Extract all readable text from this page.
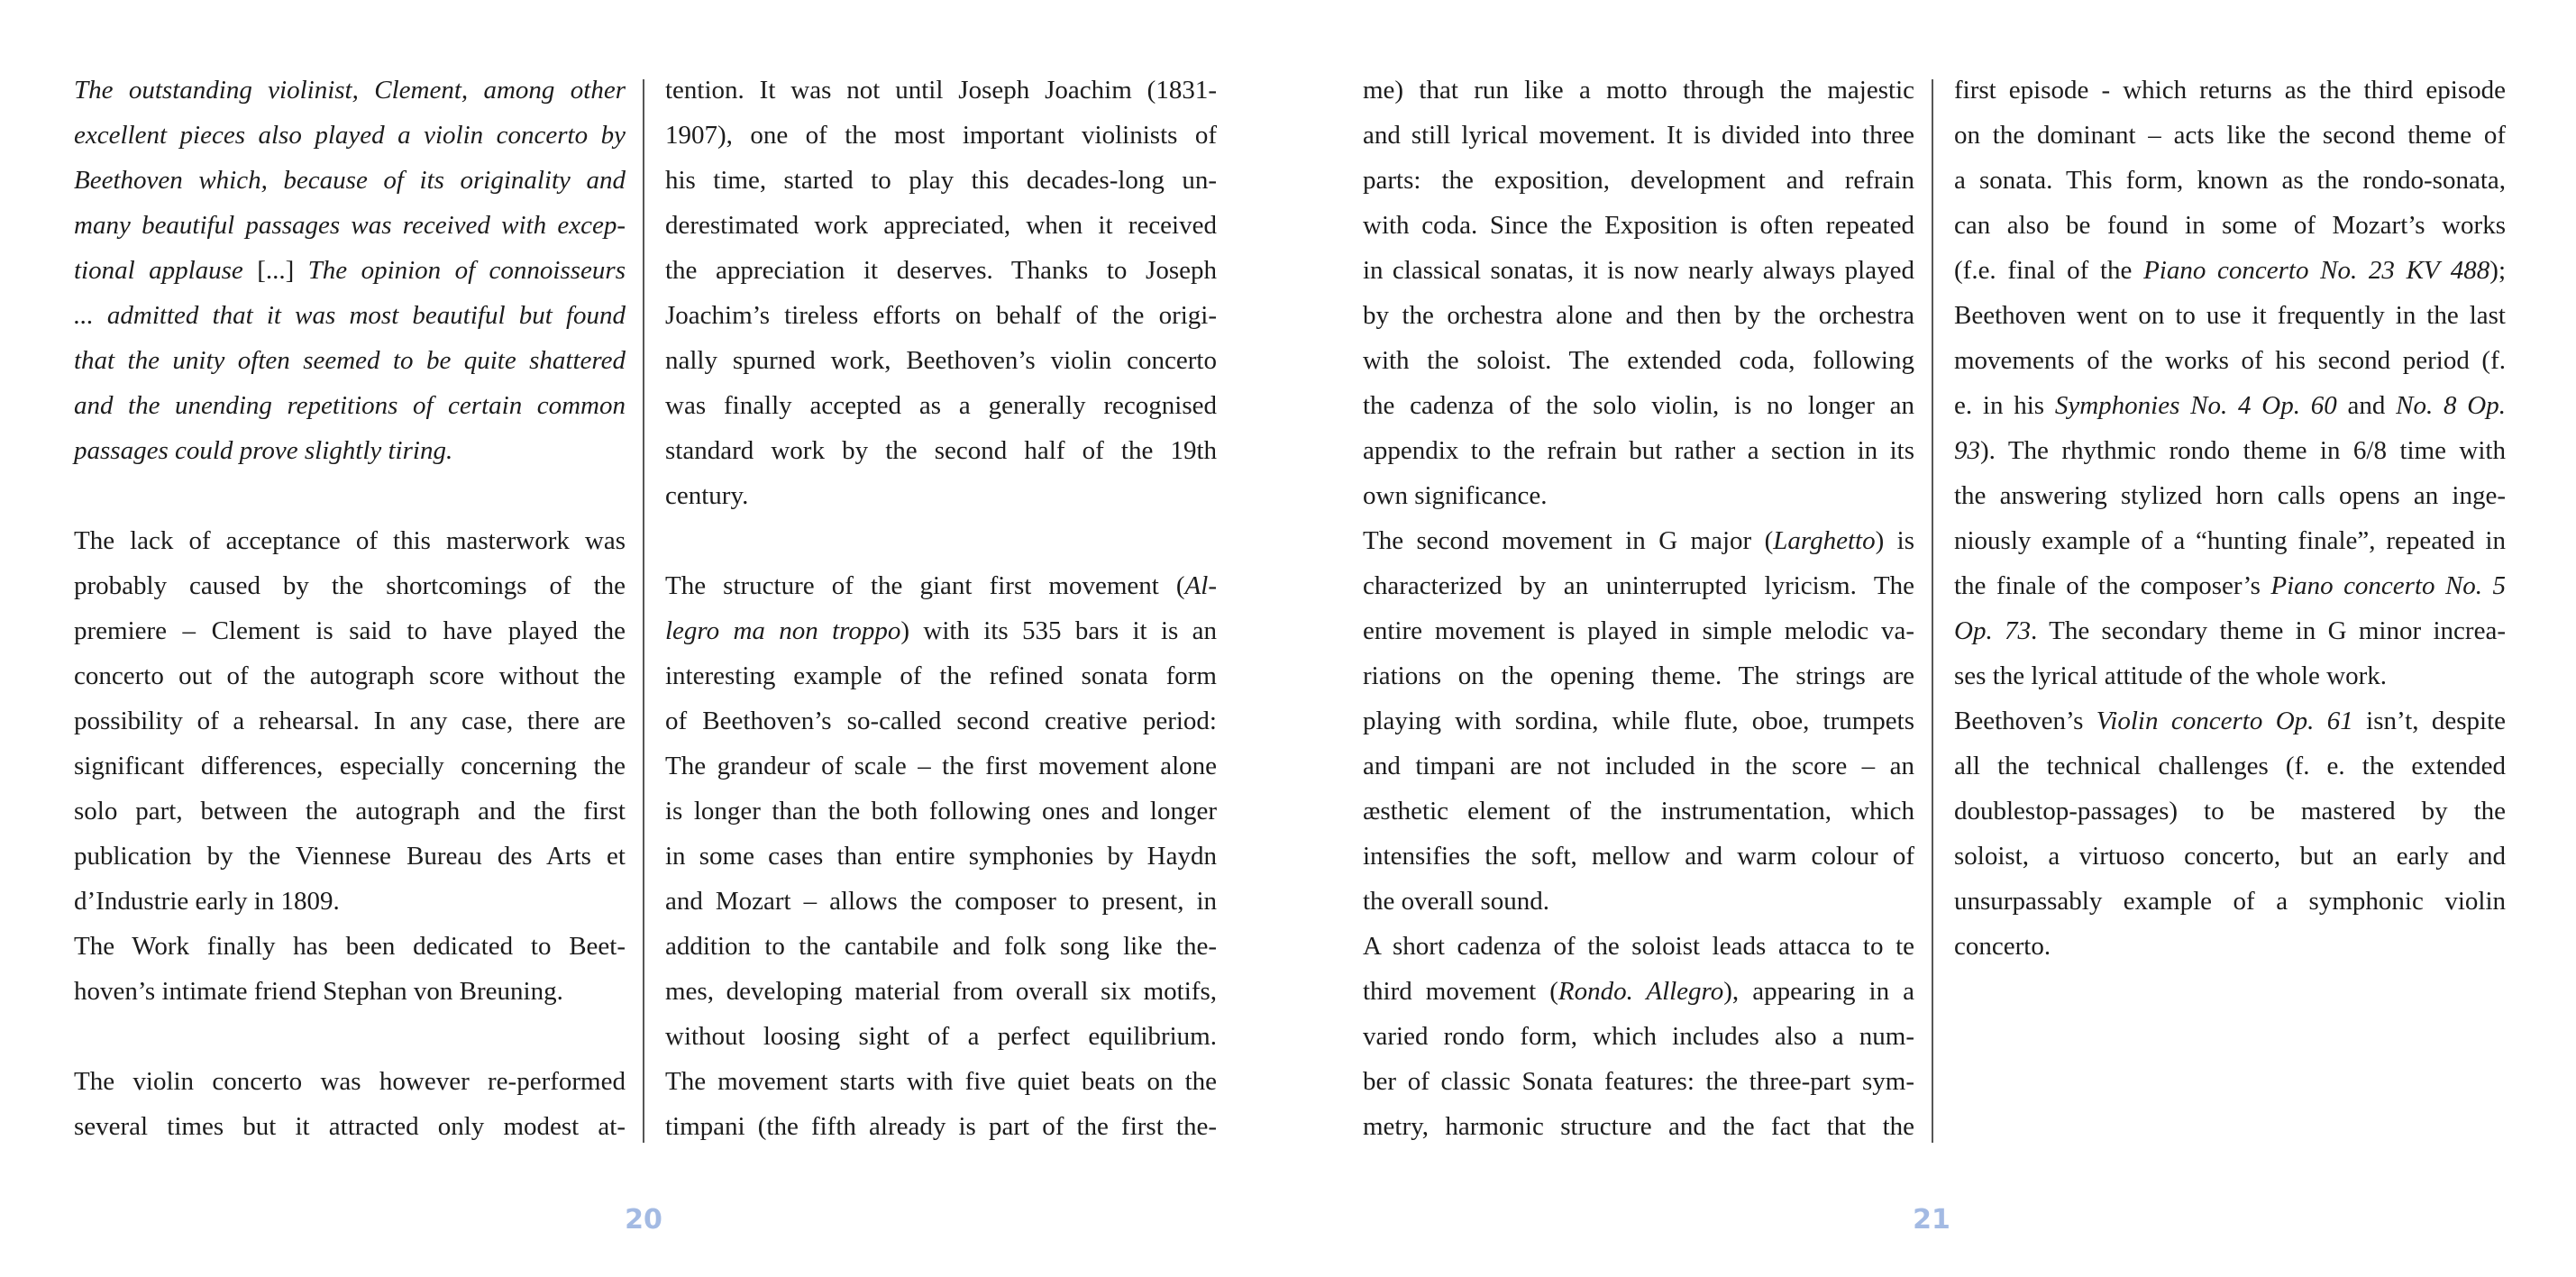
The outstanding violinist, Clement, among other
excellent pieces also played a violin concerto by
Beethoven which, because of its originality and
many beautiful passages was received with excep-
tional applause [...] The opinion of connoisseurs
... admitted that it was most beautiful but found
that the unity often seemed to be quite shattered
and the unending repetitions of certain common
passages could prove slightly tiring.
The lack of acceptance of this masterwork was
probably caused by the shortcomings of the
premiere – Clement is said to have played the
concerto out of the autograph score without the
possibility of a rehearsal. In any case, there are
significant differences, especially concerning the
solo part, between the autograph and the first
publication by the Viennese Bureau des Arts et
d’Industrie early in 1809.
The Work finally has been dedicated to Beet-
hoven’s intimate friend Stephan von Breuning.
The violin concerto was however re-performed
several times but it attracted only modest at-
tention. It was not until Joseph Joachim (1831-
1907), one of the most important violinists of
his time, started to play this decades-long un-
derestimated work appreciated, when it received
the appreciation it deserves. Thanks to Joseph
Joachim’s tireless efforts on behalf of the origi-
nally spurned work, Beethoven’s violin concerto
was finally accepted as a generally recognised
standard work by the second half of the 19th
century.
The structure of the giant first movement (Al-
legro ma non troppo) with its 535 bars it is an
interesting example of the refined sonata form
of Beethoven’s so-called second creative period:
The grandeur of scale – the first movement alone
is longer than the both following ones and longer
in some cases than entire symphonies by Haydn
and Mozart – allows the composer to present, in
addition to the cantabile and folk song like the-
mes, developing material from overall six motifs,
without loosing sight of a perfect equilibrium.
The movement starts with five quiet beats on the
timpani (the fifth already is part of the first the-
me) that run like a motto through the majestic
and still lyrical movement. It is divided into three
parts: the exposition, development and refrain
with coda. Since the Exposition is often repeated
in classical sonatas, it is now nearly always played
by the orchestra alone and then by the orchestra
with the soloist. The extended coda, following
the cadenza of the solo violin, is no longer an
appendix to the refrain but rather a section in its
own significance.
The second movement in G major (Larghetto) is
characterized by an uninterrupted lyricism. The
entire movement is played in simple melodic va-
riations on the opening theme. The strings are
playing with sordina, while flute, oboe, trumpets
and timpani are not included in the score – an
æsthetic element of the instrumentation, which
intensifies the soft, mellow and warm colour of
the overall sound.
A short cadenza of the soloist leads attacca to te
third movement (Rondo. Allegro), appearing in a
varied rondo form, which includes also a num-
ber of classic Sonata features: the three-part sym-
metry, harmonic structure and the fact that the
first episode - which returns as the third episode
on the dominant – acts like the second theme of
a sonata. This form, known as the rondo-sonata,
can also be found in some of Mozart’s works
(f.e. final of the Piano concerto No. 23 KV 488);
Beethoven went on to use it frequently in the last
movements of the works of his second period (f.
e. in his Symphonies No. 4 Op. 60 and No. 8 Op.
93). The rhythmic rondo theme in 6/8 time with
the answering stylized horn calls opens an inge-
niously example of a “hunting finale”, repeated in
the finale of the composer’s Piano concerto No. 5
Op. 73. The secondary theme in G minor increa-
ses the lyrical attitude of the whole work.
Beethoven’s Violin concerto Op. 61 isn’t, despite
all the technical challenges (f. e. the extended
doublestop-passages) to be mastered by the
soloist, a virtuoso concerto, but an early and
unsurpassably example of a symphonic violin
concerto.
20	21
